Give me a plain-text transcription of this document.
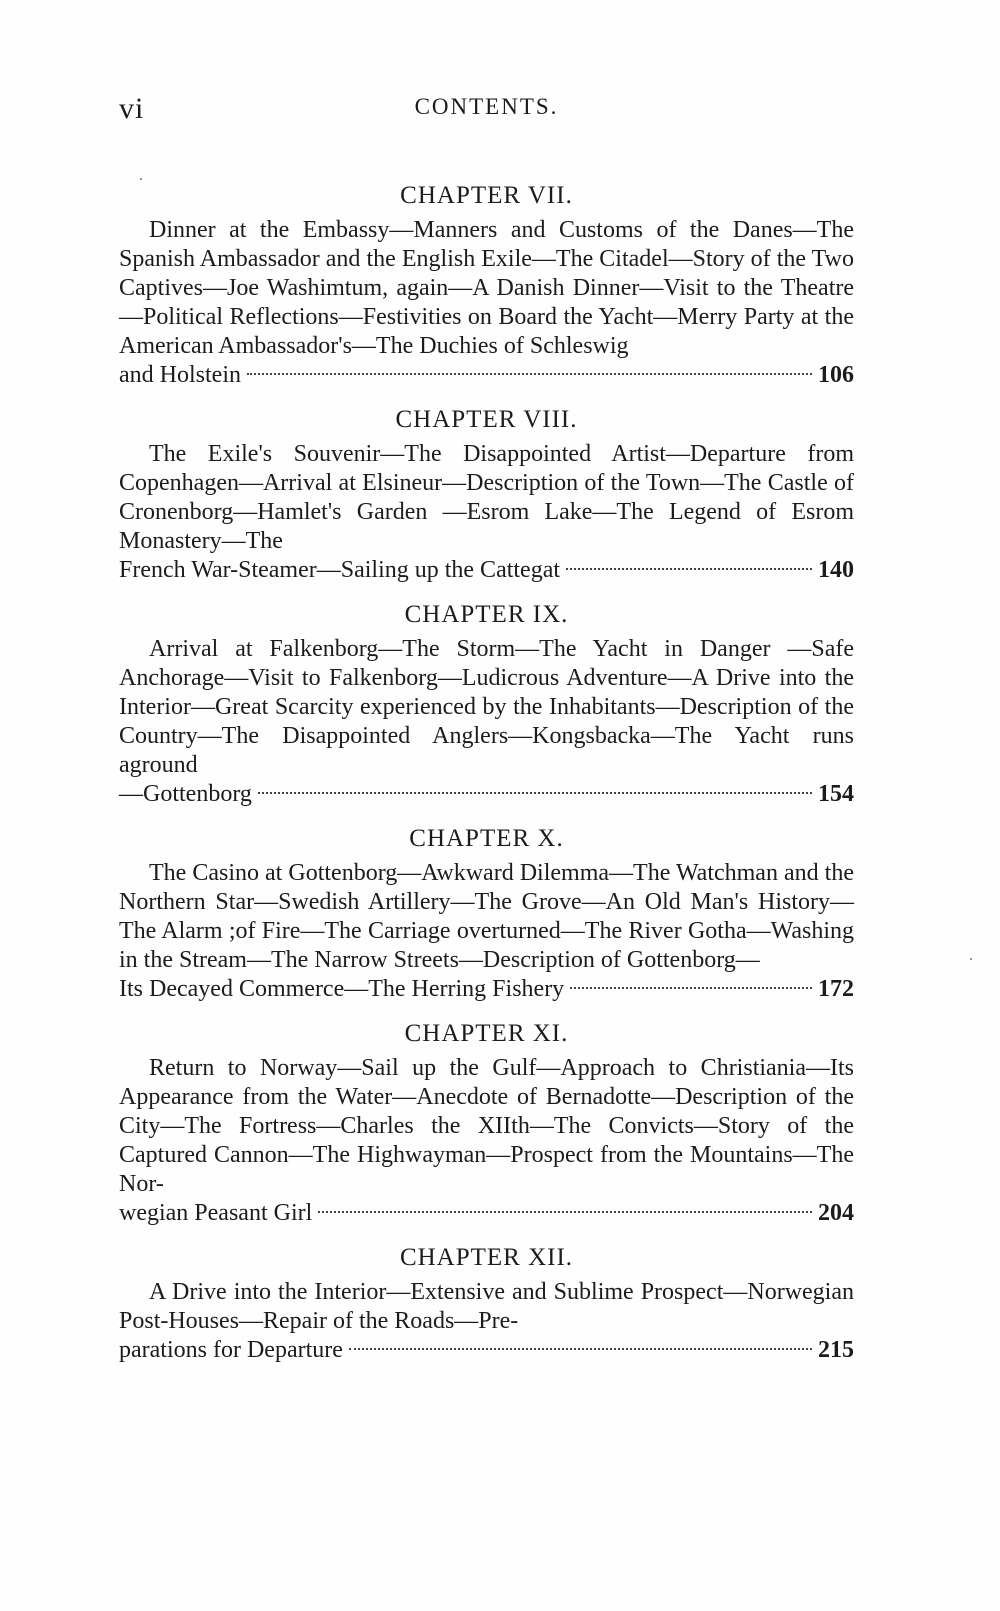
vi	CONTENTS.
CHAPTER VII.

Dinner at the Embassy—Manners and Customs of the Danes—The Spanish Ambassador and the English Exile—The Citadel—Story of the Two Captives—Joe Washimtum, again—A Danish Dinner—Visit to the Theatre—Political Reflections—Festivities on Board the Yacht—Merry Party at the American Ambassador's—The Duchies of Schleswig

and Holstein	106
CHAPTER VIII.

The Exile's Souvenir—The Disappointed Artist—Departure from Copenhagen—Arrival at Elsineur—Description of the Town—The Castle of Cronenborg—Hamlet's Garden —Esrom Lake—The Legend of Esrom Monastery—The

French War-Steamer—Sailing up the Cattegat	140
CHAPTER IX.

Arrival at Falkenborg—The Storm—The Yacht in Danger —Safe Anchorage—Visit to Falkenborg—Ludicrous Adventure—A Drive into the Interior—Great Scarcity experienced by the Inhabitants—Description of the Country—The Disappointed Anglers—Kongsbacka—The Yacht runs aground

—Gottenborg	154
CHAPTER X.

The Casino at Gottenborg—Awkward Dilemma—The Watchman and the Northern Star—Swedish Artillery—The Grove—An Old Man's History—The Alarm ;of Fire—The Carriage overturned—The River Gotha—Washing in the Stream—The Narrow Streets—Description of Gottenborg—

Its Decayed Commerce—The Herring Fishery	172
CHAPTER XI.

Return to Norway—Sail up the Gulf—Approach to Christiania—Its Appearance from the Water—Anecdote of Bernadotte—Description of the City—The Fortress—Charles the XIIth—The Convicts—Story of the Captured Cannon—The Highwayman—Prospect from the Mountains—The Nor-

wegian Peasant Girl	204
CHAPTER XII.

A Drive into the Interior—Extensive and Sublime Prospect—Norwegian Post-Houses—Repair of the Roads—Pre-

parations for Departure	215
